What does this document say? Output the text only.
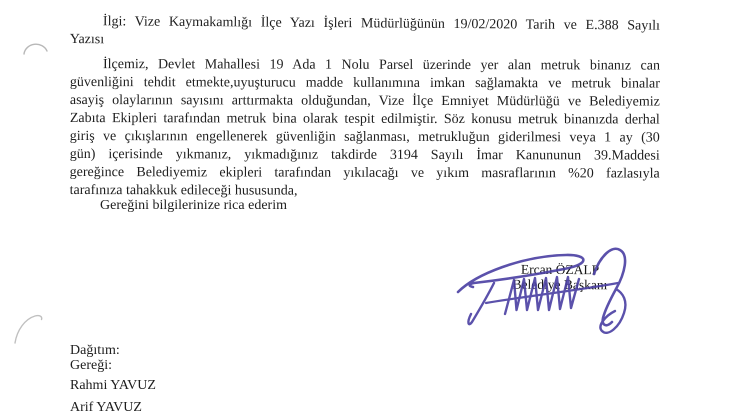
İlgi: Vize Kaymakamlığı İlçe Yazı İşleri Müdürlüğünün 19/02/2020 Tarih ve E.388 Sayılı
Yazısı
İlçemiz, Devlet Mahallesi 19 Ada 1 Nolu Parsel üzerinde yer alan metruk binanız can
güvenliğini tehdit etmekte,uyuşturucu madde kullanımına imkan sağlamakta ve metruk binalar
asayiş olaylarının sayısını arttırmakta olduğundan, Vize İlçe Emniyet Müdürlüğü ve Belediyemiz
Zabıta Ekipleri tarafından metruk bina olarak tespit edilmiştir. Söz konusu metruk binanızda derhal
giriş ve çıkışlarının engellenerek güvenliğin sağlanması, metrukluğun giderilmesi veya 1 ay (30
gün) içerisinde yıkmanız, yıkmadığınız takdirde 3194 Sayılı İmar Kanununun 39.Maddesi
gereğince Belediyemiz ekipleri tarafından yıkılacağı ve yıkım masraflarının %20 fazlasıyla
tarafınıza tahakkuk edileceği hususunda,
Gereğini bilgilerinize rica ederim
Ercan ÖZALP
Belediye Başkanı
Dağıtım:
Gereği:
Rahmi YAVUZ
Arif YAVUZ
